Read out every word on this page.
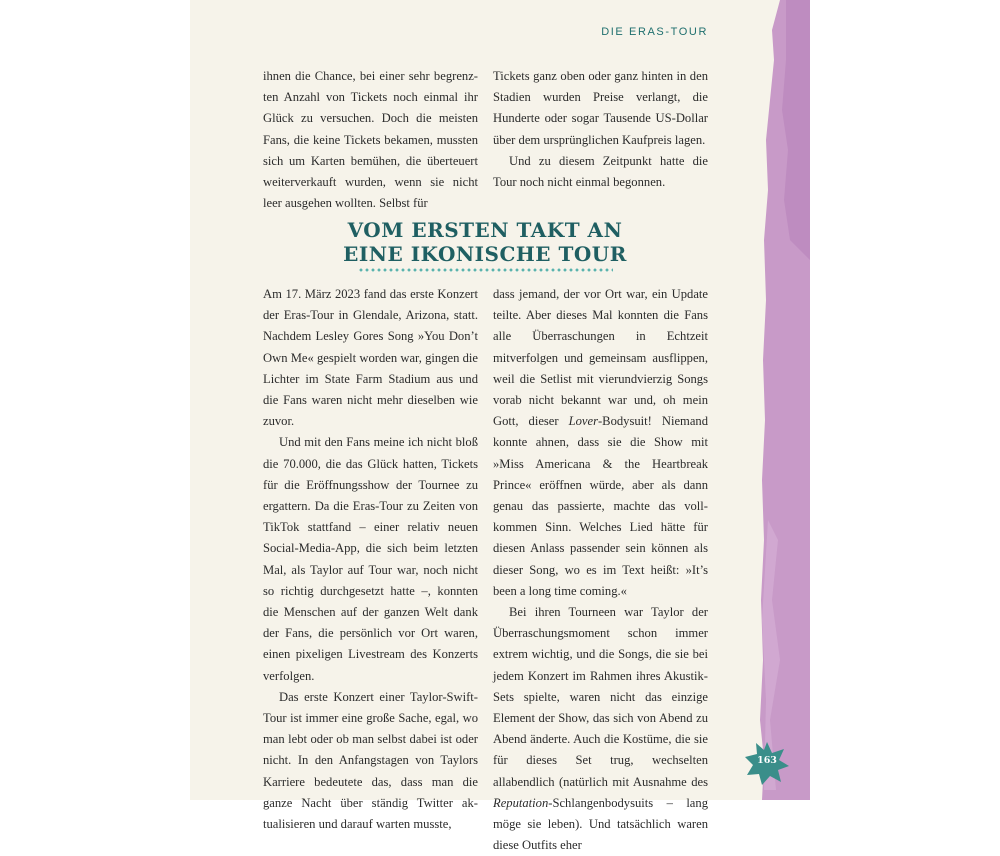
DIE ERAS-TOUR

ihnen die Chance, bei einer sehr begrenzten Anzahl von Tickets noch einmal ihr Glück zu versuchen. Doch die meisten Fans, die keine Tickets bekamen, mussten sich um Karten bemühen, die überteuert weiterverkauft wurden, wenn sie nicht leer ausgehen wollten. Selbst für

Tickets ganz oben oder ganz hinten in den Stadien wurden Preise verlangt, die Hunderte oder sogar Tausende US-Dollar über dem ursprünglichen Kaufpreis lagen.

Und zu diesem Zeitpunkt hatte die Tour noch nicht einmal begonnen.

VOM ERSTEN TAKT AN
EINE IKONISCHE TOUR

Am 17. März 2023 fand das erste Konzert der Eras-Tour in Glendale, Arizona, statt. Nachdem Lesley Gores Song »You Don’t Own Me« gespielt worden war, gingen die Lichter im State Farm Stadium aus und die Fans waren nicht mehr dieselben wie zuvor.

Und mit den Fans meine ich nicht bloß die 70.000, die das Glück hatten, Tickets für die Eröffnungsshow der Tournee zu ergattern. Da die Eras-Tour zu Zeiten von TikTok stattfand – einer relativ neuen Social-Media-App, die sich beim letzten Mal, als Taylor auf Tour war, noch nicht so richtig durchgesetzt hatte –, konnten die Menschen auf der ganzen Welt dank der Fans, die persönlich vor Ort waren, einen pixeligen Livestream des Konzerts verfolgen.

Das erste Konzert einer Taylor-Swift-Tour ist immer eine große Sache, egal, wo man lebt oder ob man selbst dabei ist oder nicht. In den Anfangstagen von Taylors Karriere bedeutete das, dass man die ganze Nacht über ständig Twitter aktualisieren und darauf warten musste,

dass jemand, der vor Ort war, ein Update teilte. Aber dieses Mal konnten die Fans alle Überraschungen in Echtzeit mitverfolgen und gemeinsam ausflippen, weil die Setlist mit vierundvierzig Songs vorab nicht bekannt war und, oh mein Gott, dieser Lover-Bodysuit! Niemand konnte ahnen, dass sie die Show mit »Miss Americana & the Heartbreak Prince« eröffnen würde, aber als dann genau das passierte, machte das vollkommen Sinn. Welches Lied hätte für diesen Anlass passender sein können als dieser Song, wo es im Text heißt: »It’s been a long time coming.«

Bei ihren Tourneen war Taylor der Überraschungsmoment schon immer extrem wichtig, und die Songs, die sie bei jedem Konzert im Rahmen ihres Akustik-Sets spielte, waren nicht das einzige Element der Show, das sich von Abend zu Abend änderte. Auch die Kostüme, die sie für dieses Set trug, wechselten allabendlich (natürlich mit Ausnahme des Reputation-Schlangenbodysuits – lang möge sie leben). Und tatsächlich waren diese Outfits eher

163
